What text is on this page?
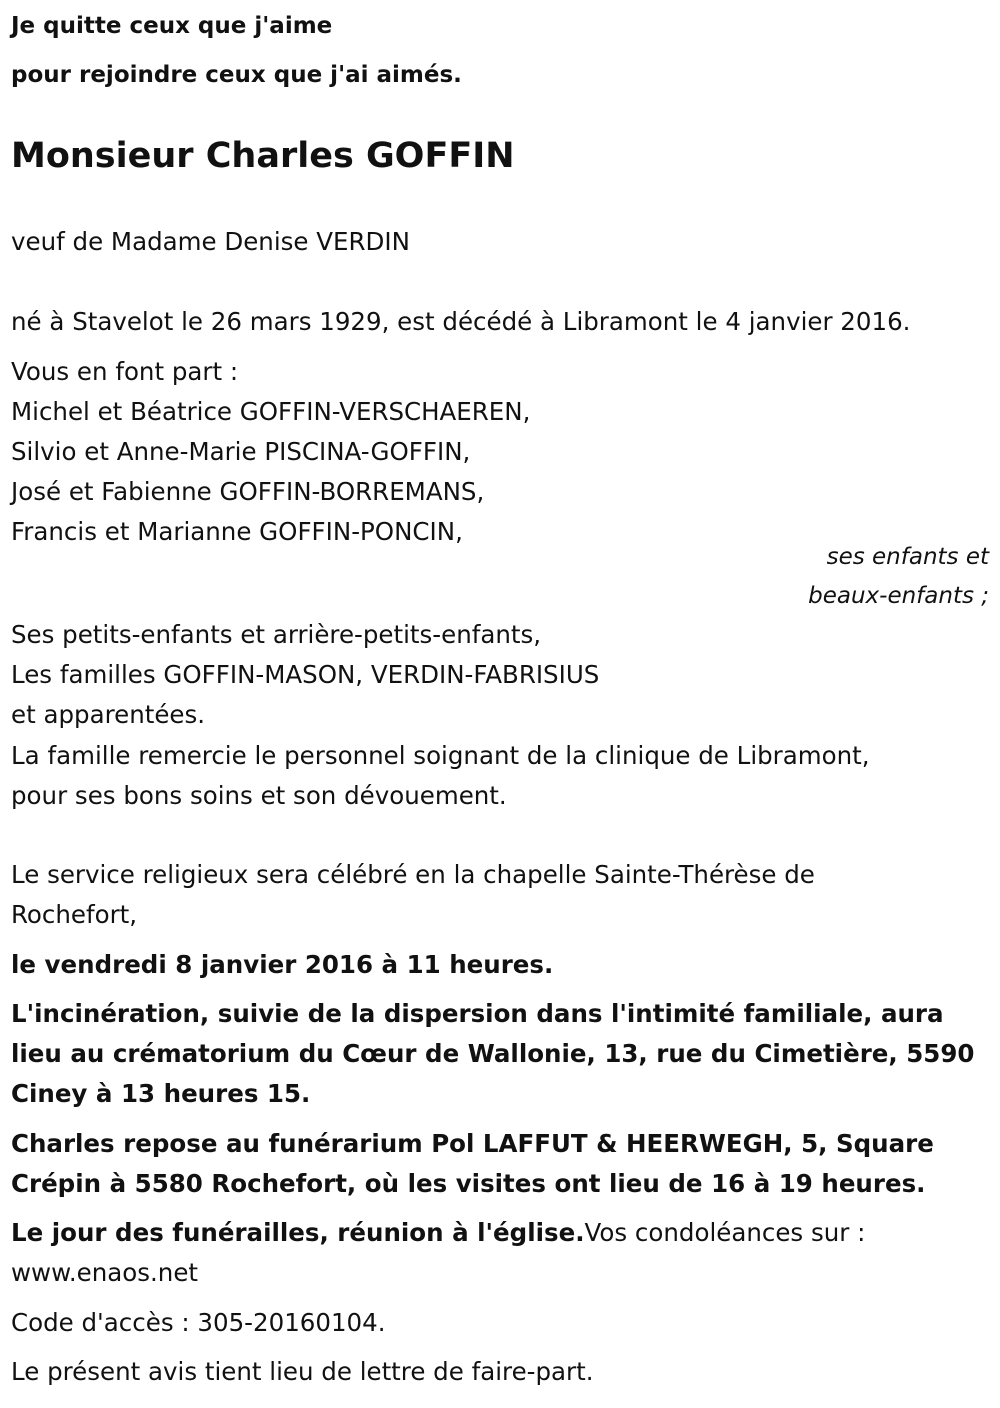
Je quitte ceux que j'aime
pour rejoindre ceux que j'ai aimés.
Monsieur Charles GOFFIN
veuf de Madame Denise VERDIN
né à Stavelot le 26 mars 1929, est décédé à Libramont le 4 janvier 2016.
Vous en font part :
Michel et Béatrice GOFFIN-VERSCHAEREN,
Silvio et Anne-Marie PISCINA-GOFFIN,
José et Fabienne GOFFIN-BORREMANS,
Francis et Marianne GOFFIN-PONCIN,
ses enfants et
beaux-enfants ;
Ses petits-enfants et arrière-petits-enfants,
Les familles GOFFIN-MASON, VERDIN-FABRISIUS
et apparentées.
La famille remercie le personnel soignant de la clinique de Libramont,
pour ses bons soins et son dévouement.
Le service religieux sera célébré en la chapelle Sainte-Thérèse de
Rochefort,
le vendredi 8 janvier 2016 à 11 heures.
L'incinération, suivie de la dispersion dans l'intimité familiale, aura
lieu au crématorium du Cœur de Wallonie, 13, rue du Cimetière, 5590
Ciney à 13 heures 15.
Charles repose au funérarium Pol LAFFUT & HEERWEGH, 5, Square
Crépin à 5580 Rochefort, où les visites ont lieu de 16 à 19 heures.
Le jour des funérailles, réunion à l'église.Vos condoléances sur :
www.enaos.net
Code d'accès : 305-20160104.
Le présent avis tient lieu de lettre de faire-part.
